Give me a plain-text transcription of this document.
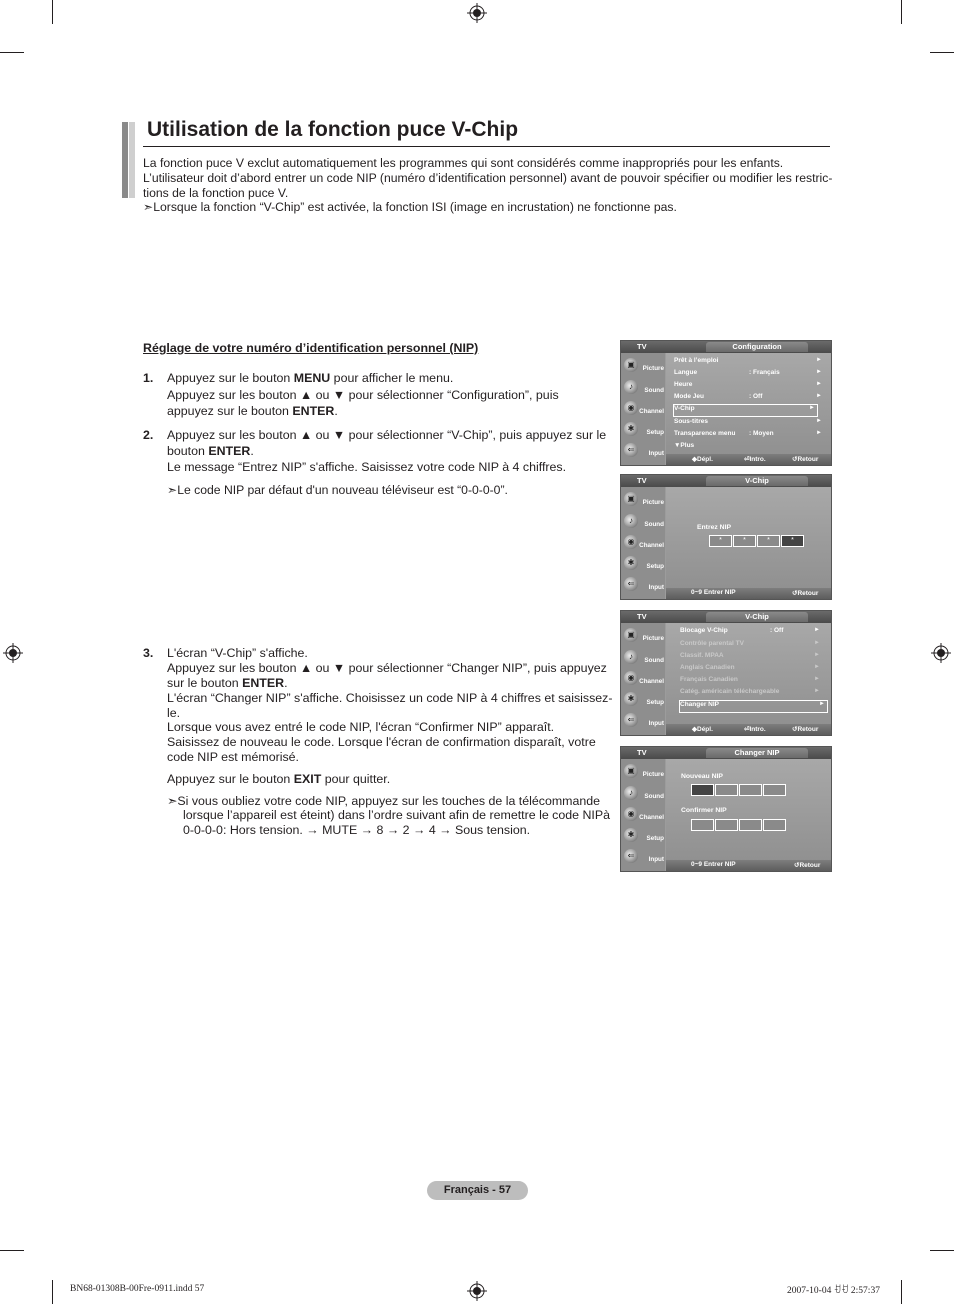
Utilisation de la fonction puce V-Chip
La fonction puce V exclut automatiquement les programmes qui sont considérés comme inappropriés pour les enfants.
L’utilisateur doit d’abord entrer un code NIP (numéro d’identification personnel) avant de pouvoir spécifier ou modifier les restric-
tions de la fonction puce V.
➣Lorsque la fonction “V-Chip” est activée, la fonction ISI (image en incrustation) ne fonctionne pas.
Réglage de votre numéro d’identification personnel (NIP)
1. Appuyez sur le bouton MENU pour afficher le menu.
Appuyez sur les bouton ▲ ou ▼ pour sélectionner “Configuration”, puis
appuyez sur le bouton ENTER.
2. Appuyez sur les bouton ▲ ou ▼ pour sélectionner “V-Chip”, puis appuyez sur le
bouton ENTER.
Le message “Entrez NIP” s'affiche. Saisissez votre code NIP à 4 chiffres.
➣Le code NIP par défaut d'un nouveau téléviseur est “0-0-0-0”.
3. L'écran “V-Chip” s'affiche.
Appuyez sur les bouton ▲ ou ▼ pour sélectionner “Changer NIP”, puis appuyez
sur le bouton ENTER.
L'écran “Changer NIP” s'affiche. Choisissez un code NIP à 4 chiffres et saisissez-
le.
Lorsque vous avez entré le code NIP, l'écran “Confirmer NIP” apparaît.
Saisissez de nouveau le code. Lorsque l'écran de confirmation disparaît, votre
code NIP est mémorisé.
Appuyez sur le bouton EXIT pour quitter.
➣Si vous oubliez votre code NIP, appuyez sur les touches de la télécommande
lorsque l’appareil est éteint) dans l’ordre suivant afin de remettre le code NIPà
0-0-0-0: Hors tension. → MUTE → 8 → 2 → 4 → Sous tension.
TV	Configuration
▣	Picture
♪	Sound
◉ Channel
✱	Setup
⇐	Input
Prêt à l’emploi	►
Langue	: Français	►
Heure	►
Mode Jeu	: Off	►
V-Chip	►
Sous-titres	►
Transparence menu : Moyen	►
▼Plus
◆ Dépl.	⏎ Intro.	↺ Retour
TV	V-Chip
▣	Picture
♪	Sound
◉ Channel
✱	Setup
⇐	Input
Entrez NIP
*	*	*	*
0~9 Entrer NIP	↺ Retour
TV	V-Chip
▣	Picture
♪	Sound
◉ Channel
✱	Setup
⇐	Input
Blocage V-Chip	: Off	►
Contrôle parental TV	►
Classif. MPAA	►
Anglais Canadien	►
Français Canadien	►
Catég. américain téléchargeable	►
Changer NIP	►
◆ Dépl.	⏎ Intro.	↺ Retour
TV	Changer NIP
▣	Picture
♪	Sound
◉ Channel
✱	Setup
⇐	Input
Nouveau NIP
Confirmer NIP
0~9 Entrer NIP	↺ Retour
Français - 57
BN68-01308B-00Fre-0911.indd 57	2007-10-04 ꀀꀀ 2:57:37
